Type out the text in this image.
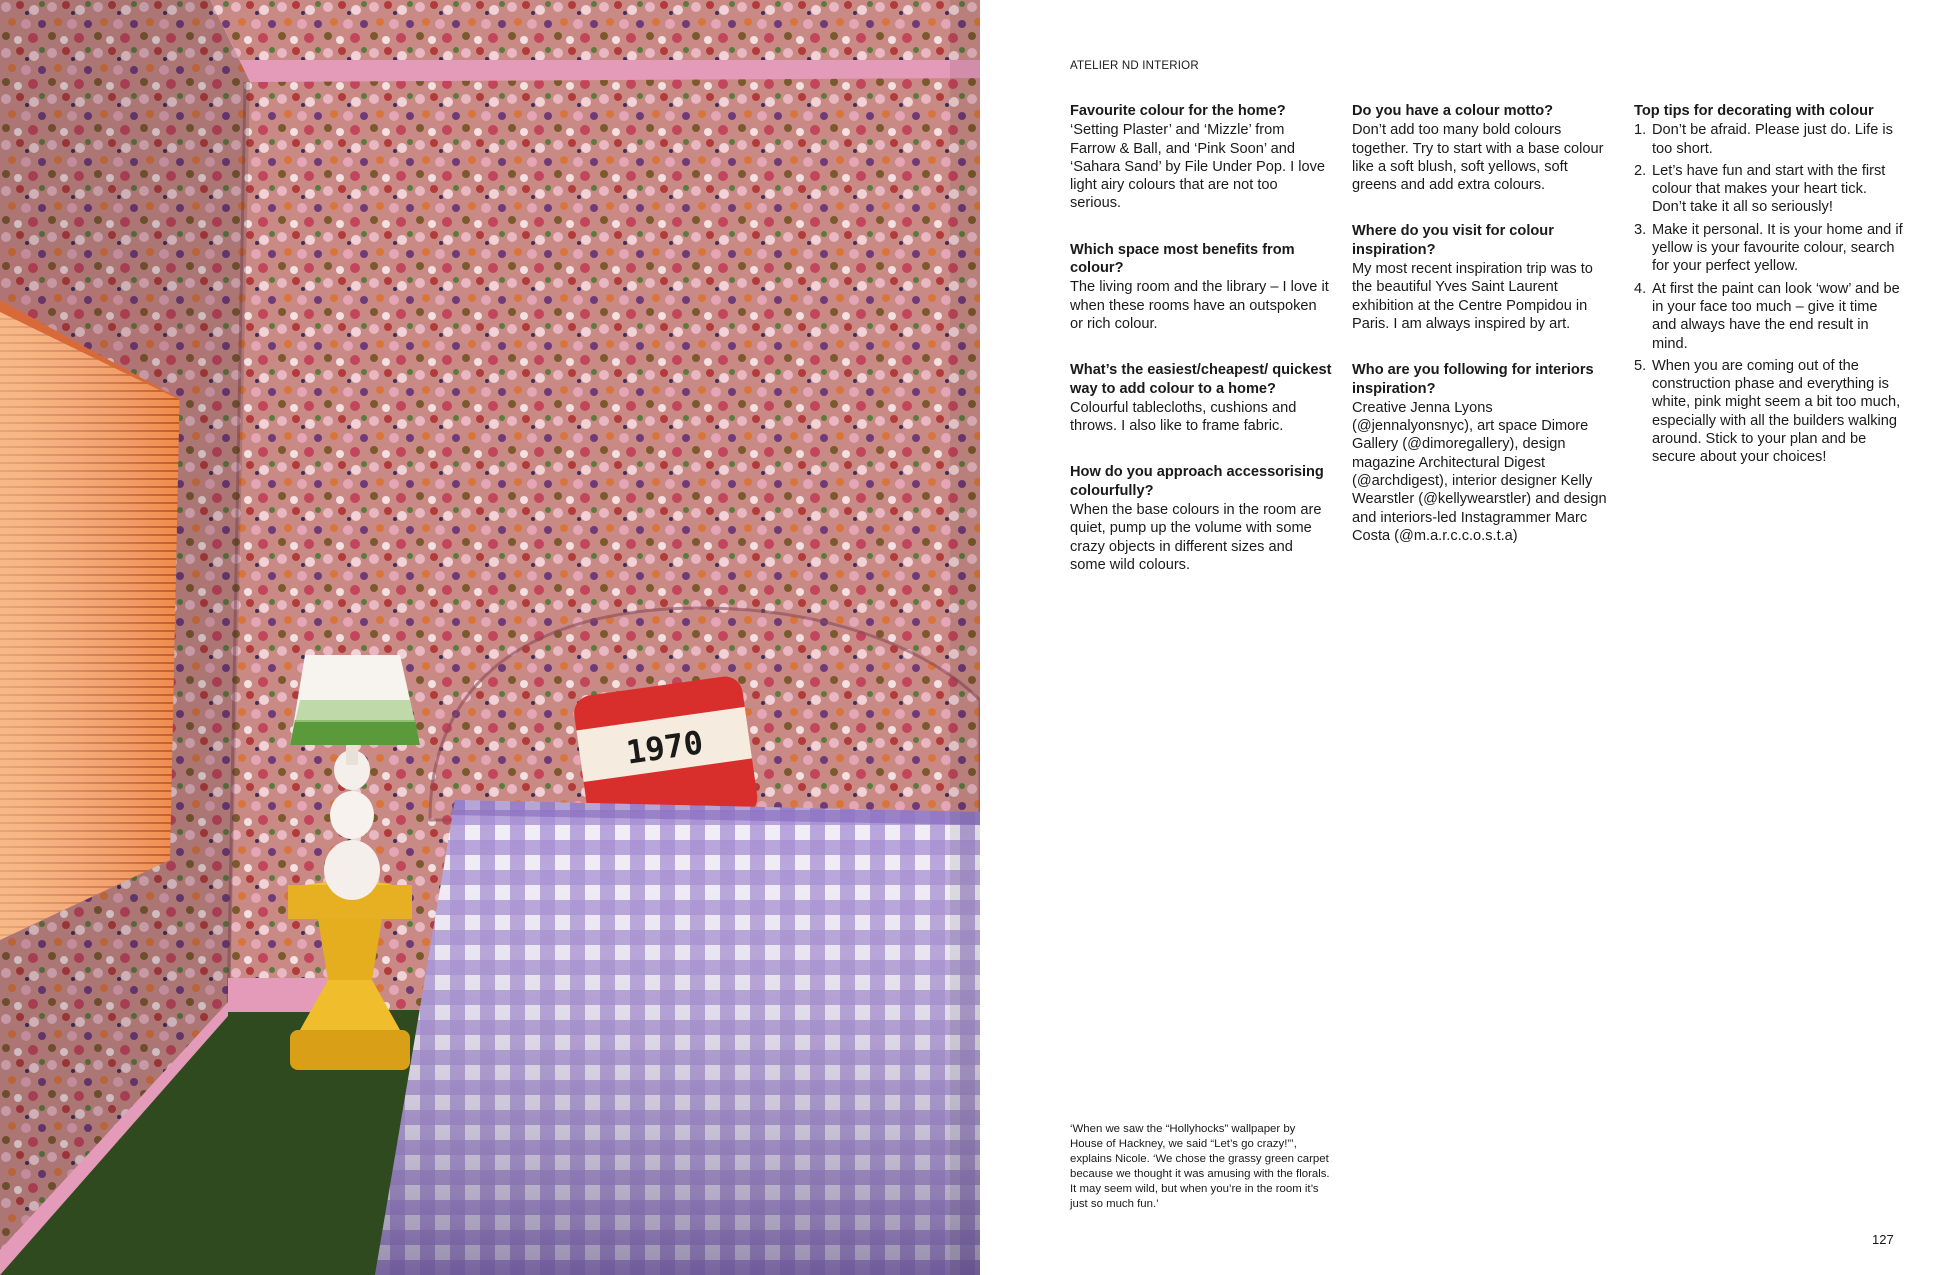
1970
ATELIER ND INTERIOR

Favourite colour for the home?

‘Setting Plaster’ and ‘Mizzle’ from Farrow & Ball, and ‘Pink Soon’ and ‘Sahara Sand’ by File Under Pop. I love light airy colours that are not too serious.

Which space most benefits from colour?

The living room and the library – I love it when these rooms have an outspoken or rich colour.

What’s the easiest/cheapest/ quickest way to add colour to a home?

Colourful tablecloths, cushions and throws. I also like to frame fabric.

How do you approach accessorising colourfully?

When the base colours in the room are quiet, pump up the volume with some crazy objects in different sizes and some wild colours.

Do you have a colour motto?

Don’t add too many bold colours together. Try to start with a base colour like a soft blush, soft yellows, soft greens and add extra colours.

Where do you visit for colour inspiration?

My most recent inspiration trip was to the beautiful Yves Saint Laurent exhibition at the Centre Pompidou in Paris. I am always inspired by art.

Who are you following for interiors inspiration?

Creative Jenna Lyons (@jennalyonsnyc), art space Dimore Gallery (@dimoregallery), design magazine Architectural Digest (@archdigest), interior designer Kelly Wearstler (@kellywearstler) and design and interiors-led Instagrammer Marc Costa (@m.a.r.c.c.o.s.t.a)

Top tips for decorating with colour

1. Don’t be afraid. Please just do. Life is too short.
2. Let’s have fun and start with the first colour that makes your heart tick. Don’t take it all so seriously!
3. Make it personal. It is your home and if yellow is your favourite colour, search for your perfect yellow.
4. At first the paint can look ‘wow’ and be in your face too much – give it time and always have the end result in mind.
5. When you are coming out of the construction phase and everything is white, pink might seem a bit too much, especially with all the builders walking around. Stick to your plan and be secure about your choices!
‘When we saw the “Hollyhocks” wallpaper by House of Hackney, we said “Let’s go crazy!”’, explains Nicole. ‘We chose the grassy green carpet because we thought it was amusing with the florals. It may seem wild, but when you’re in the room it’s just so much fun.’
127
